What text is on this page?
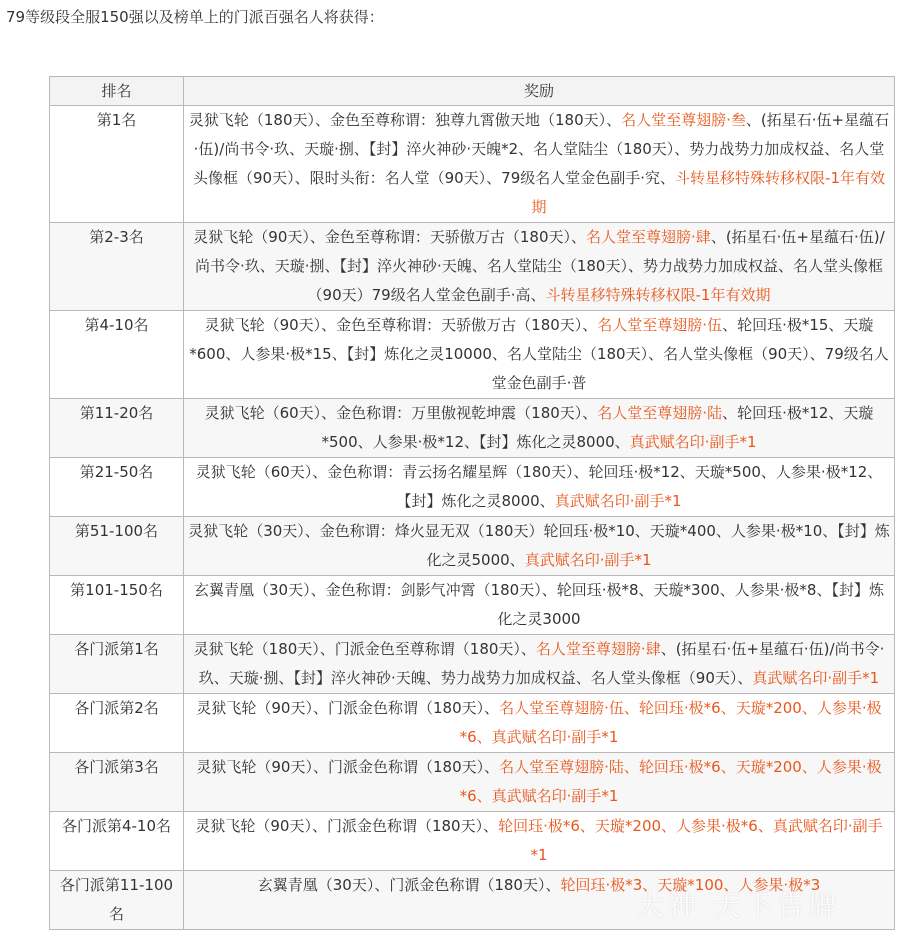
79等级段全服150强以及榜单上的门派百强名人将获得：
排名	奖励
第1名	灵狱飞轮（180天）、金色至尊称谓：独尊九霄傲天地（180天）、名人堂至尊翅膀·叁、(拓星石·伍+星蕴石·伍)/尚书令·玖、天璇·捌、【封】淬火神砂·天魄*2、名人堂陆尘（180天）、势力战势力加成权益、名人堂头像框（90天）、限时头衔：名人堂（90天）、79级名人堂金色副手·究、斗转星移特殊转移权限-1年有效期
第2-3名	灵狱飞轮（90天）、金色至尊称谓：天骄傲万古（180天）、名人堂至尊翅膀·肆、(拓星石·伍+星蕴石·伍)/尚书令·玖、天璇·捌、【封】淬火神砂·天魄、名人堂陆尘（180天）、势力战势力加成权益、名人堂头像框（90天）79级名人堂金色副手·高、斗转星移特殊转移权限-1年有效期
第4-10名	灵狱飞轮（90天）、金色至尊称谓：天骄傲万古（180天）、名人堂至尊翅膀·伍、轮回珏·极*15、天璇*600、人参果·极*15、【封】炼化之灵10000、名人堂陆尘（180天）、名人堂头像框（90天）、79级名人堂金色副手·普
第11-20名	灵狱飞轮（60天）、金色称谓：万里傲视乾坤震（180天）、名人堂至尊翅膀·陆、轮回珏·极*12、天璇*500、人参果·极*12、【封】炼化之灵8000、真武赋名印·副手*1
第21-50名	灵狱飞轮（60天）、金色称谓：青云扬名耀星辉（180天）、轮回珏·极*12、天璇*500、人参果·极*12、【封】炼化之灵8000、真武赋名印·副手*1
第51-100名	灵狱飞轮（30天）、金色称谓：烽火显无双（180天）轮回珏·极*10、天璇*400、人参果·极*10、【封】炼化之灵5000、真武赋名印·副手*1
第101-150名	玄翼青凰（30天）、金色称谓：剑影气冲霄（180天）、轮回珏·极*8、天璇*300、人参果·极*8、【封】炼化之灵3000
各门派第1名	灵狱飞轮（180天）、门派金色至尊称谓（180天）、名人堂至尊翅膀·肆、(拓星石·伍+星蕴石·伍)/尚书令·玖、天璇·捌、【封】淬火神砂·天魄、势力战势力加成权益、名人堂头像框（90天）、真武赋名印·副手*1
各门派第2名	灵狱飞轮（90天）、门派金色称谓（180天）、名人堂至尊翅膀·伍、轮回珏·极*6、天璇*200、人参果·极*6、真武赋名印·副手*1
各门派第3名	灵狱飞轮（90天）、门派金色称谓（180天）、名人堂至尊翅膀·陆、轮回珏·极*6、天璇*200、人参果·极*6、真武赋名印·副手*1
各门派第4-10名	灵狱飞轮（90天）、门派金色称谓（180天）、轮回珏·极*6、天璇*200、人参果·极*6、真武赋名印·副手*1
各门派第11-100名	玄翼青凰（30天）、门派金色称谓（180天）、轮回珏·极*3、天璇*100、人参果·极*3
大神 天下告牌
